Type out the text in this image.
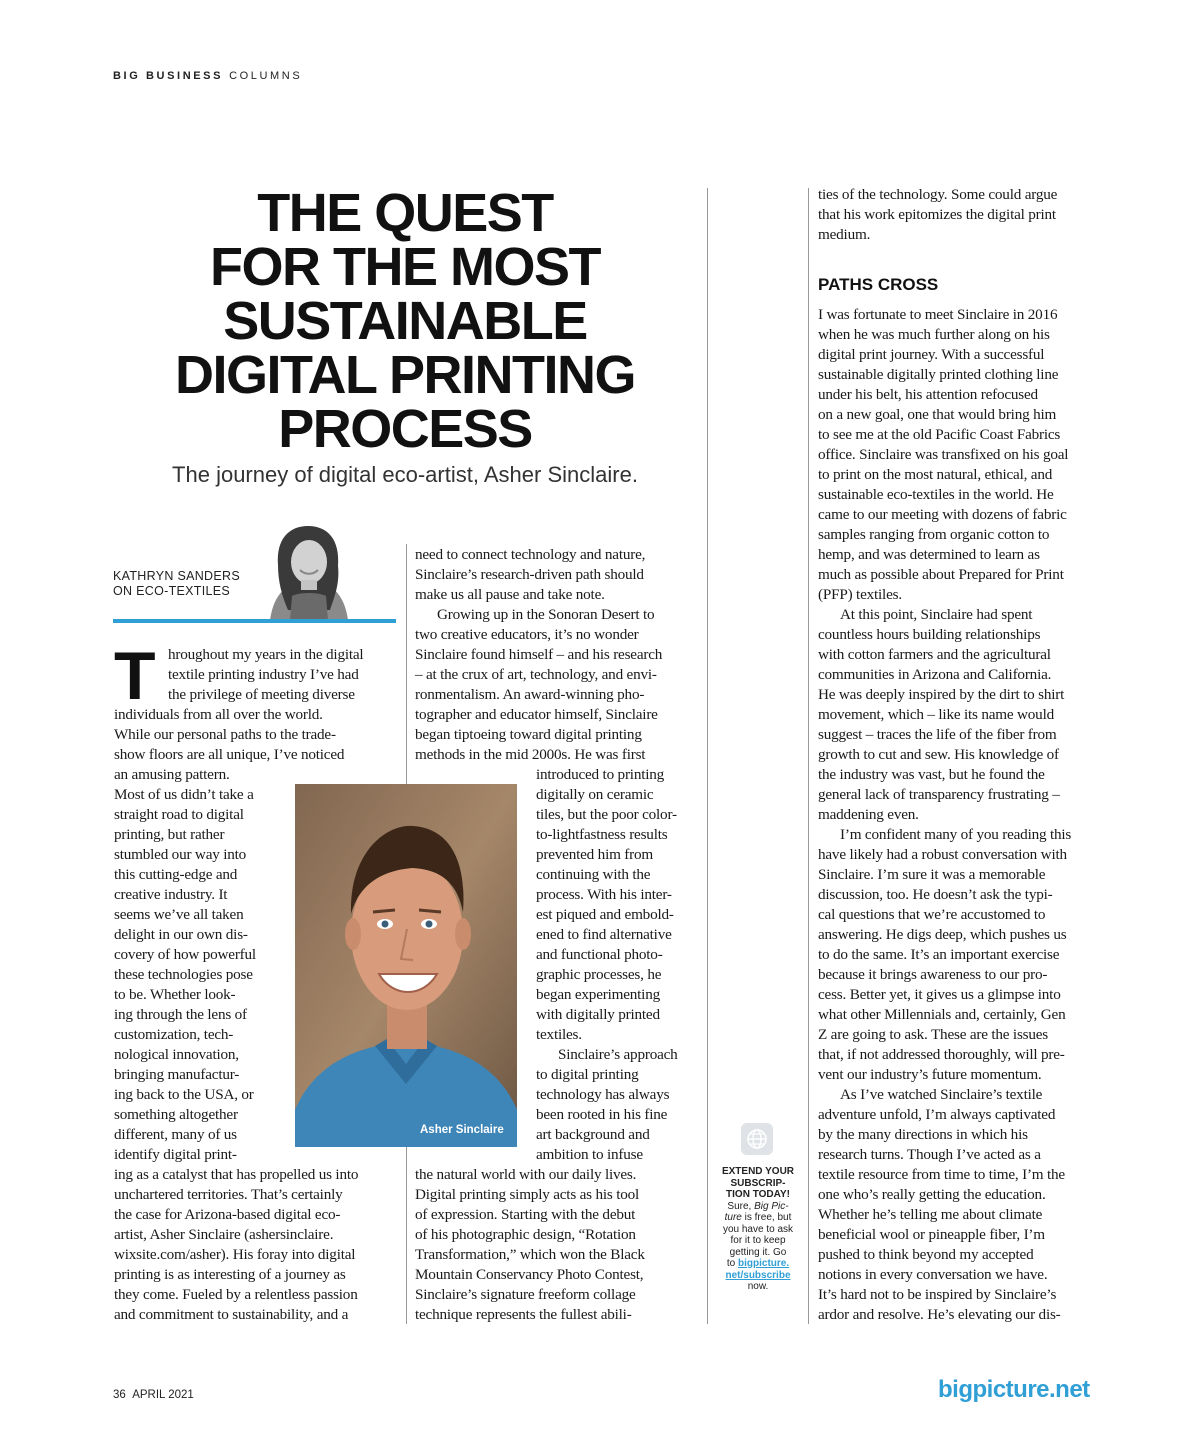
BIG BUSINESS COLUMNS
THE QUEST
FOR THE MOST
SUSTAINABLE
DIGITAL PRINTING
PROCESS
The journey of digital eco-artist, Asher Sinclaire.
KATHRYN SANDERS
ON ECO-TEXTILES
T hroughout my years in the digital

textile printing industry I’ve had

the privilege of meeting diverse

individuals from all over the world.

While our personal paths to the trade-

show floors are all unique, I’ve noticed

an amusing pattern.

Most of us didn’t take a

straight road to digital

printing, but rather

stumbled our way into

this cutting-edge and

creative industry. It

seems we’ve all taken

delight in our own dis-

covery of how powerful

these technologies pose

to be. Whether look-

ing through the lens of

customization, tech-

nological innovation,

bringing manufactur-

ing back to the USA, or

something altogether

different, many of us

identify digital print-

ing as a catalyst that has propelled us into

unchartered territories. That’s certainly

the case for Arizona-based digital eco-

artist, Asher Sinclaire (ashersinclaire.

wixsite.com/asher). His foray into digital

printing is as interesting of a journey as

they come. Fueled by a relentless passion

and commitment to sustainability, and a

Asher Sinclaire

need to connect technology and nature,

Sinclaire’s research-driven path should

make us all pause and take note.

Growing up in the Sonoran Desert to

two creative educators, it’s no wonder

Sinclaire found himself – and his research

– at the crux of art, technology, and envi-

ronmentalism. An award-winning pho-

tographer and educator himself, Sinclaire

began tiptoeing toward digital printing

methods in the mid 2000s. He was first

introduced to printing

digitally on ceramic

tiles, but the poor color-

to-lightfastness results

prevented him from

continuing with the

process. With his inter-

est piqued and embold-

ened to find alternative

and functional photo-

graphic processes, he

began experimenting

with digitally printed

textiles.

Sinclaire’s approach

to digital printing

technology has always

been rooted in his fine

art background and

ambition to infuse

the natural world with our daily lives.

Digital printing simply acts as his tool

of expression. Starting with the debut

of his photographic design, “Rotation

Transformation,” which won the Black

Mountain Conservancy Photo Contest,

Sinclaire’s signature freeform collage

technique represents the fullest abili-

EXTEND YOUR
SUBSCRIP-
TION TODAY!
Sure, Big Pic-
ture is free, but
you have to ask
for it to keep
getting it. Go
to bigpicture.
net/subscribe
now.

ties of the technology. Some could argue

that his work epitomizes the digital print

medium.

PATHS CROSS

I was fortunate to meet Sinclaire in 2016

when he was much further along on his

digital print journey. With a successful

sustainable digitally printed clothing line

under his belt, his attention refocused

on a new goal, one that would bring him

to see me at the old Pacific Coast Fabrics

office. Sinclaire was transfixed on his goal

to print on the most natural, ethical, and

sustainable eco-textiles in the world. He

came to our meeting with dozens of fabric

samples ranging from organic cotton to

hemp, and was determined to learn as

much as possible about Prepared for Print

(PFP) textiles.

At this point, Sinclaire had spent

countless hours building relationships

with cotton farmers and the agricultural

communities in Arizona and California.

He was deeply inspired by the dirt to shirt

movement, which – like its name would

suggest – traces the life of the fiber from

growth to cut and sew. His knowledge of

the industry was vast, but he found the

general lack of transparency frustrating –

maddening even.

I’m confident many of you reading this

have likely had a robust conversation with

Sinclaire. I’m sure it was a memorable

discussion, too. He doesn’t ask the typi-

cal questions that we’re accustomed to

answering. He digs deep, which pushes us

to do the same. It’s an important exercise

because it brings awareness to our pro-

cess. Better yet, it gives us a glimpse into

what other Millennials and, certainly, Gen

Z are going to ask. These are the issues

that, if not addressed thoroughly, will pre-

vent our industry’s future momentum.

As I’ve watched Sinclaire’s textile

adventure unfold, I’m always captivated

by the many directions in which his

research turns. Though I’ve acted as a

textile resource from time to time, I’m the

one who’s really getting the education.

Whether he’s telling me about climate

beneficial wool or pineapple fiber, I’m

pushed to think beyond my accepted

notions in every conversation we have.

It’s hard not to be inspired by Sinclaire’s

ardor and resolve. He’s elevating our dis-

36 APRIL 2021	bigpicture.net
